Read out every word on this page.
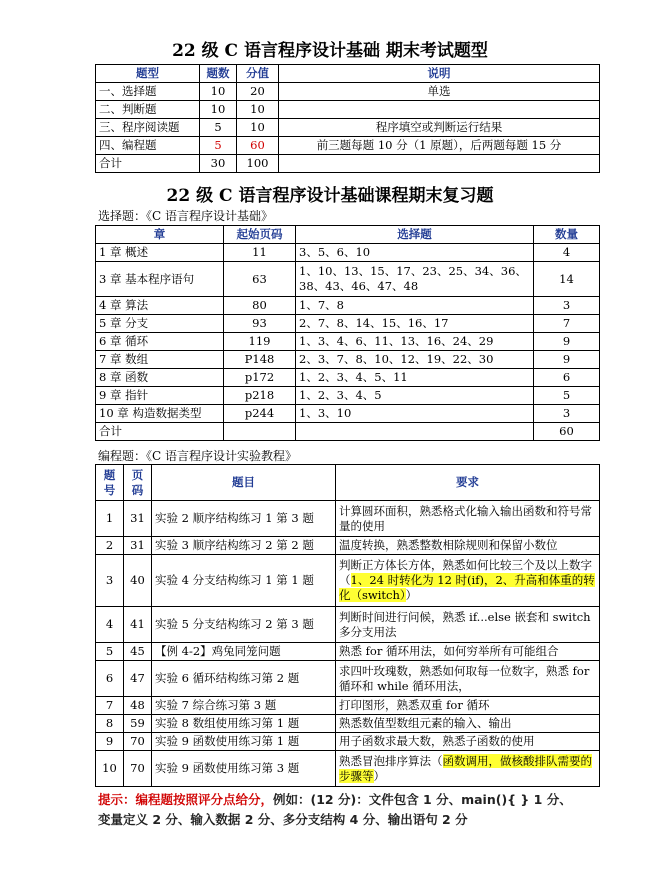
22 级 C 语言程序设计基础 期末考试题型
题型	题数	分值	说明
一、选择题	10	20	单选
二、判断题	10	10	
三、程序阅读题	5	10	程序填空或判断运行结果
四、编程题	5	60	前三题每题 10 分（1 原题），后两题每题 15 分
合计	30	100	
22 级 C 语言程序设计基础课程期末复习题
选择题：《C 语言程序设计基础》
章	起始页码	选择题	数量
1 章 概述	11	3、5、6、10	4
3 章 基本程序语句	63	1、10、13、15、17、23、25、34、36、38、43、46、47、48	14
4 章 算法	80	1、7、8	3
5 章 分支	93	2、7、8、14、15、16、17	7
6 章 循环	119	1、3、4、6、11、13、16、24、29	9
7 章 数组	P148	2、3、7、8、10、12、19、22、30	9
8 章 函数	p172	1、2、3、4、5、11	6
9 章 指针	p218	1、2、3、4、5	5
10 章 构造数据类型	p244	1、3、10	3
合计			60
编程题：《C 语言程序设计实验教程》
题号	页码	题目	要求
1	31	实验 2 顺序结构练习 1 第 3 题	计算圆环面积，熟悉格式化输入输出函数和符号常量的使用
2	31	实验 3 顺序结构练习 2 第 2 题	温度转换，熟悉整数相除规则和保留小数位
3	40	实验 4 分支结构练习 1 第 1 题	判断正方体长方体，熟悉如何比较三个及以上数字（1、24 时转化为 12 时(if)，2、升高和体重的转化（switch））
4	41	实验 5 分支结构练习 2 第 3 题	判断时间进行问候，熟悉 if...else 嵌套和 switch 多分支用法
5	45	【例 4-2】鸡兔同笼问题	熟悉 for 循环用法，如何穷举所有可能组合
6	47	实验 6 循环结构练习第 2 题	求四叶玫瑰数，熟悉如何取每一位数字，熟悉 for 循环和 while 循环用法，
7	48	实验 7 综合练习第 3 题	打印图形，熟悉双重 for 循环
8	59	实验 8 数组使用练习第 1 题	熟悉数值型数组元素的输入、输出
9	70	实验 9 函数使用练习第 1 题	用子函数求最大数，熟悉子函数的使用
10	70	实验 9 函数使用练习第 3 题	熟悉冒泡排序算法（函数调用，做核酸排队需要的步骤等）
提示：编程题按照评分点给分，例如：(12 分)：文件包含 1 分、main(){ } 1 分、
变量定义 2 分、输入数据 2 分、多分支结构 4 分、输出语句 2 分
